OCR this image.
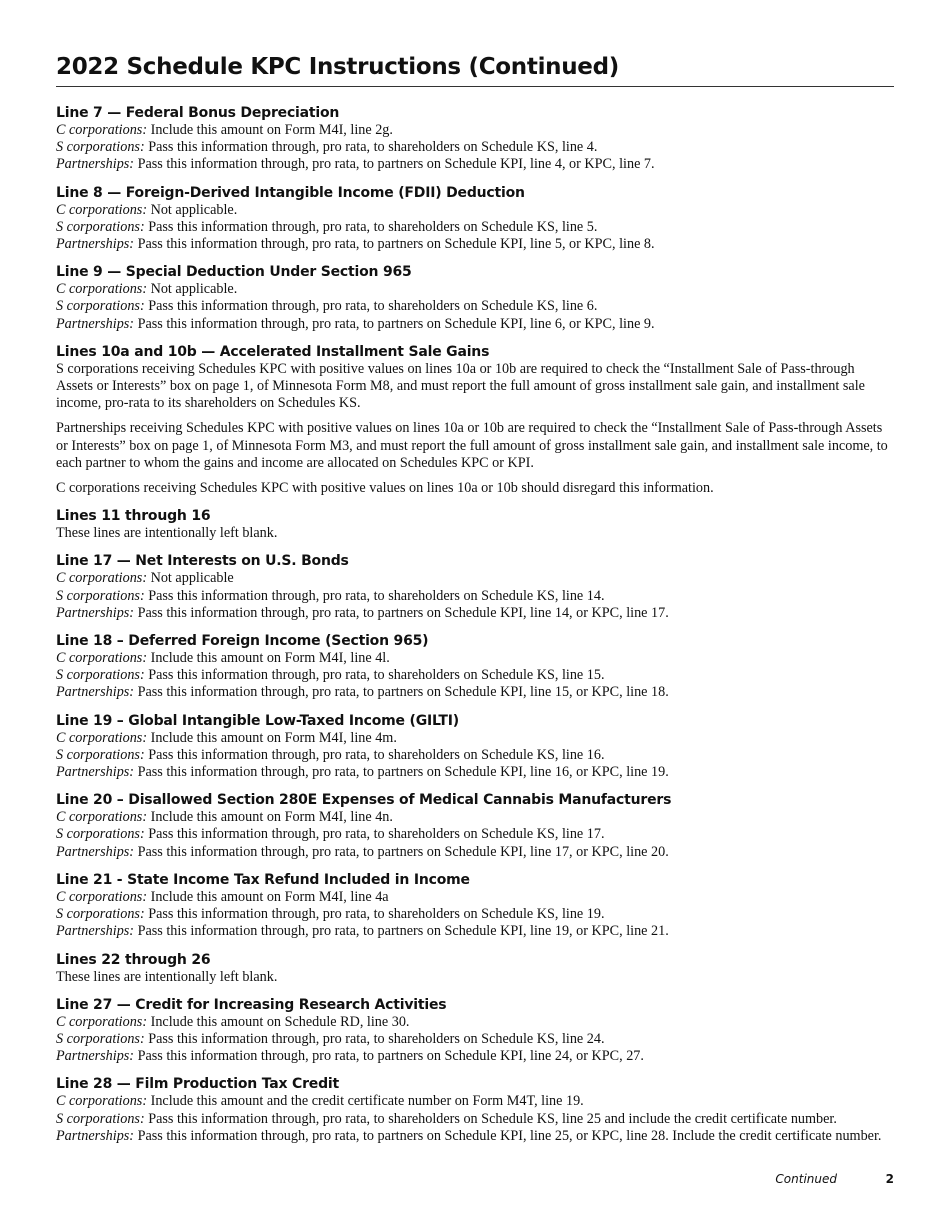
2022 Schedule KPC Instructions (Continued)
Line 7 — Federal Bonus Depreciation

C corporations: Include this amount on Form M4I, line 2g.

S corporations: Pass this information through, pro rata, to shareholders on Schedule KS, line 4.

Partnerships: Pass this information through, pro rata, to partners on Schedule KPI, line 4, or KPC, line 7.

Line 8 — Foreign-Derived Intangible Income (FDII) Deduction

C corporations: Not applicable.

S corporations: Pass this information through, pro rata, to shareholders on Schedule KS, line 5.

Partnerships: Pass this information through, pro rata, to partners on Schedule KPI, line 5, or KPC, line 8.

Line 9 — Special Deduction Under Section 965

C corporations: Not applicable.

S corporations: Pass this information through, pro rata, to shareholders on Schedule KS, line 6.

Partnerships: Pass this information through, pro rata, to partners on Schedule KPI, line 6, or KPC, line 9.

Lines 10a and 10b — Accelerated Installment Sale Gains

S corporations receiving Schedules KPC with positive values on lines 10a or 10b are required to check the “Installment Sale of Pass-through Assets or Interests” box on page 1, of Minnesota Form M8, and must report the full amount of gross installment sale gain, and installment sale income, pro-rata to its shareholders on Schedules KS.

Partnerships receiving Schedules KPC with positive values on lines 10a or 10b are required to check the “Installment Sale of Pass-through Assets or Interests” box on page 1, of Minnesota Form M3, and must report the full amount of gross installment sale gain, and installment sale income, to each partner to whom the gains and income are allocated on Schedules KPC or KPI.

C corporations receiving Schedules KPC with positive values on lines 10a or 10b should disregard this information.

Lines 11 through 16

These lines are intentionally left blank.

Line 17 — Net Interests on U.S. Bonds

C corporations: Not applicable

S corporations: Pass this information through, pro rata, to shareholders on Schedule KS, line 14.

Partnerships: Pass this information through, pro rata, to partners on Schedule KPI, line 14, or KPC, line 17.

Line 18 – Deferred Foreign Income (Section 965)

C corporations: Include this amount on Form M4I, line 4l.

S corporations: Pass this information through, pro rata, to shareholders on Schedule KS, line 15.

Partnerships: Pass this information through, pro rata, to partners on Schedule KPI, line 15, or KPC, line 18.

Line 19 – Global Intangible Low-Taxed Income (GILTI)

C corporations: Include this amount on Form M4I, line 4m.

S corporations: Pass this information through, pro rata, to shareholders on Schedule KS, line 16.

Partnerships: Pass this information through, pro rata, to partners on Schedule KPI, line 16, or KPC, line 19.

Line 20 – Disallowed Section 280E Expenses of Medical Cannabis Manufacturers

C corporations: Include this amount on Form M4I, line 4n.

S corporations: Pass this information through, pro rata, to shareholders on Schedule KS, line 17.

Partnerships: Pass this information through, pro rata, to partners on Schedule KPI, line 17, or KPC, line 20.

Line 21 - State Income Tax Refund Included in Income

C corporations: Include this amount on Form M4I, line 4a

S corporations: Pass this information through, pro rata, to shareholders on Schedule KS, line 19.

Partnerships: Pass this information through, pro rata, to partners on Schedule KPI, line 19, or KPC, line 21.

Lines 22 through 26

These lines are intentionally left blank.

Line 27 — Credit for Increasing Research Activities

C corporations: Include this amount on Schedule RD, line 30.

S corporations: Pass this information through, pro rata, to shareholders on Schedule KS, line 24.

Partnerships: Pass this information through, pro rata, to partners on Schedule KPI, line 24, or KPC, 27.

Line 28 — Film Production Tax Credit

C corporations: Include this amount and the credit certificate number on Form M4T, line 19.

S corporations: Pass this information through, pro rata, to shareholders on Schedule KS, line 25 and include the credit certificate number.

Partnerships: Pass this information through, pro rata, to partners on Schedule KPI, line 25, or KPC, line 28. Include the credit certificate number.

Continued	2
